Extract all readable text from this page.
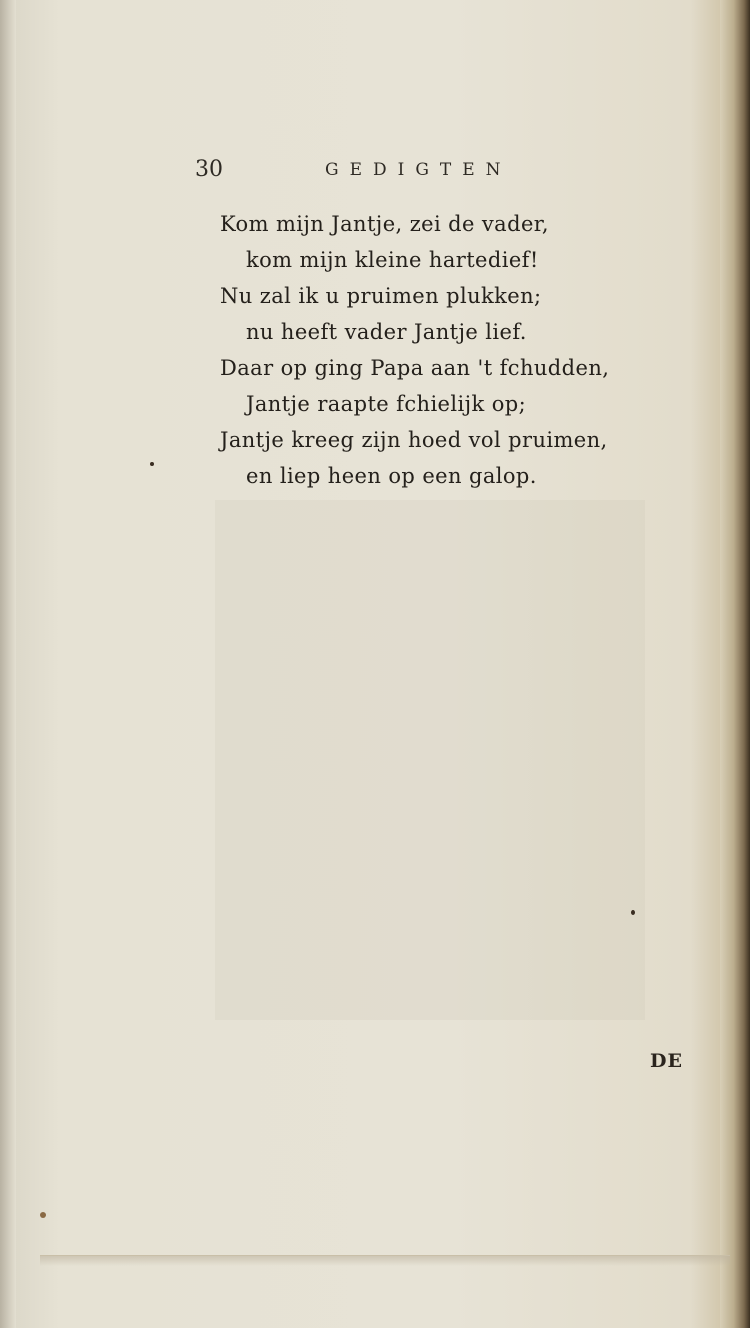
30	GEDIGTEN
Kom mijn Jantje, zei de vader,
kom mijn kleine hartedief!
Nu zal ik u pruimen plukken;
nu heeft vader Jantje lief.
Daar op ging Papa aan 't fchudden,
Jantje raapte fchielijk op;
Jantje kreeg zijn hoed vol pruimen,
en liep heen op een galop.
DE
